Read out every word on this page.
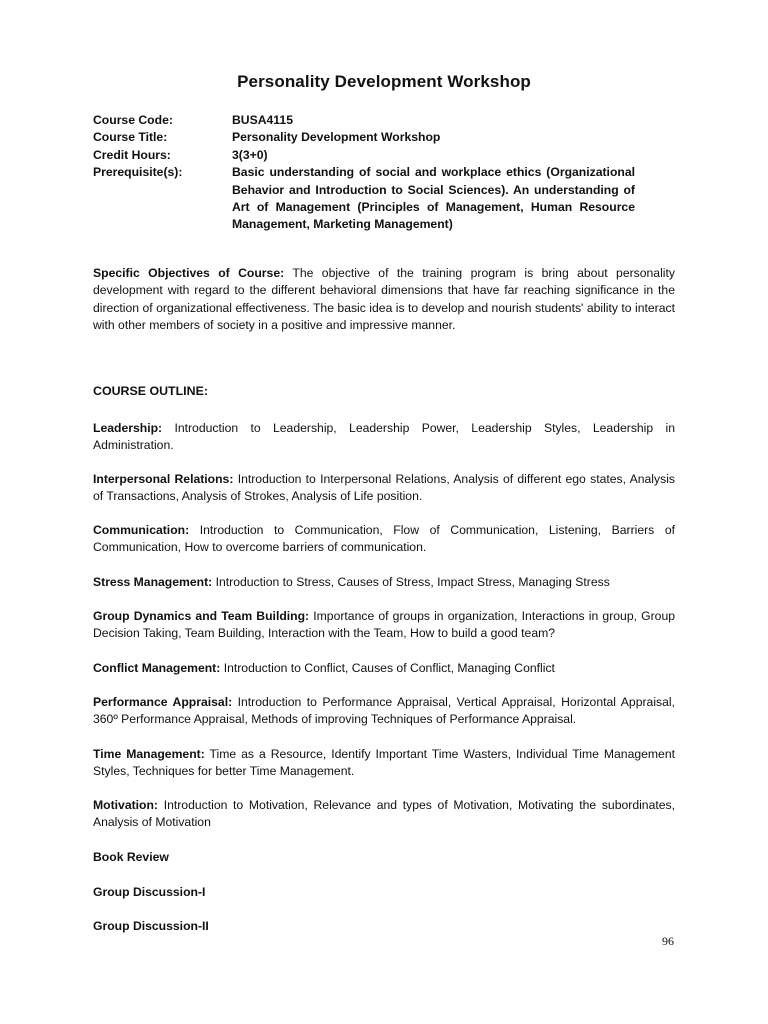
Personality Development Workshop
Course Code:	BUSA4115
Course Title:	Personality Development Workshop
Credit Hours:	3(3+0)
Prerequisite(s):	Basic understanding of social and workplace ethics (Organizational Behavior and Introduction to Social Sciences). An understanding of Art of Management (Principles of Management, Human Resource Management, Marketing Management)
Specific Objectives of Course: The objective of the training program is bring about personality development with regard to the different behavioral dimensions that have far reaching significance in the direction of organizational effectiveness. The basic idea is to develop and nourish students' ability to interact with other members of society in a positive and impressive manner.
COURSE OUTLINE:
Leadership: Introduction to Leadership, Leadership Power, Leadership Styles, Leadership in Administration.
Interpersonal Relations: Introduction to Interpersonal Relations, Analysis of different ego states, Analysis of Transactions, Analysis of Strokes, Analysis of Life position.
Communication: Introduction to Communication, Flow of Communication, Listening, Barriers of Communication, How to overcome barriers of communication.
Stress Management: Introduction to Stress, Causes of Stress, Impact Stress, Managing Stress
Group Dynamics and Team Building: Importance of groups in organization, Interactions in group, Group Decision Taking, Team Building, Interaction with the Team, How to build a good team?
Conflict Management: Introduction to Conflict, Causes of Conflict, Managing Conflict
Performance Appraisal: Introduction to Performance Appraisal, Vertical Appraisal, Horizontal Appraisal, 360º Performance Appraisal, Methods of improving Techniques of Performance Appraisal.
Time Management: Time as a Resource, Identify Important Time Wasters, Individual Time Management Styles, Techniques for better Time Management.
Motivation: Introduction to Motivation, Relevance and types of Motivation, Motivating the subordinates, Analysis of Motivation
Book Review
Group Discussion-I
Group Discussion-II
96
